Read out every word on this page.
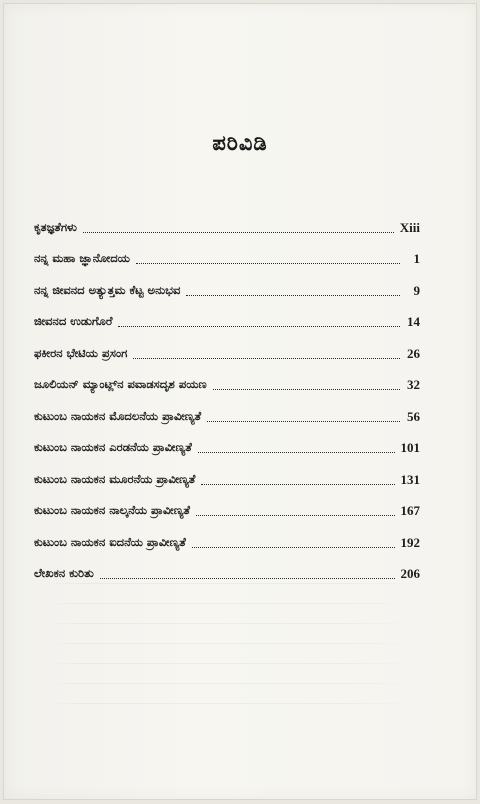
ಪರಿವಿಡಿ
ಕೃತಜ್ಞತೆಗಳು	Xiii
ನನ್ನ ಮಹಾ ಜ್ಞಾನೋದಯ	1
ನನ್ನ ಜೀವನದ ಅತ್ಯುತ್ತಮ ಕೆಟ್ಟ ಅನುಭವ	9
ಜೀವನದ ಉಡುಗೊರೆ	14
ಫಕೀರನ ಭೇಟಿಯ ಪ್ರಸಂಗ	26
ಜೂಲಿಯನ್ ಮ್ಯಾಂಟ್ಲ್‌ನ ಪವಾಡಸದೃಶ ಪಯಣ	32
ಕುಟುಂಬ ನಾಯಕನ ಮೊದಲನೆಯ ಪ್ರಾವೀಣ್ಯತೆ	56
ಕುಟುಂಬ ನಾಯಕನ ಎರಡನೆಯ ಪ್ರಾವೀಣ್ಯತೆ	101
ಕುಟುಂಬ ನಾಯಕನ ಮೂರನೆಯ ಪ್ರಾವೀಣ್ಯತೆ	131
ಕುಟುಂಬ ನಾಯಕನ ನಾಲ್ಕನೆಯ ಪ್ರಾವೀಣ್ಯತೆ	167
ಕುಟುಂಬ ನಾಯಕನ ಐದನೆಯ ಪ್ರಾವೀಣ್ಯತೆ	192
ಲೇಖಕನ ಕುರಿತು	206
